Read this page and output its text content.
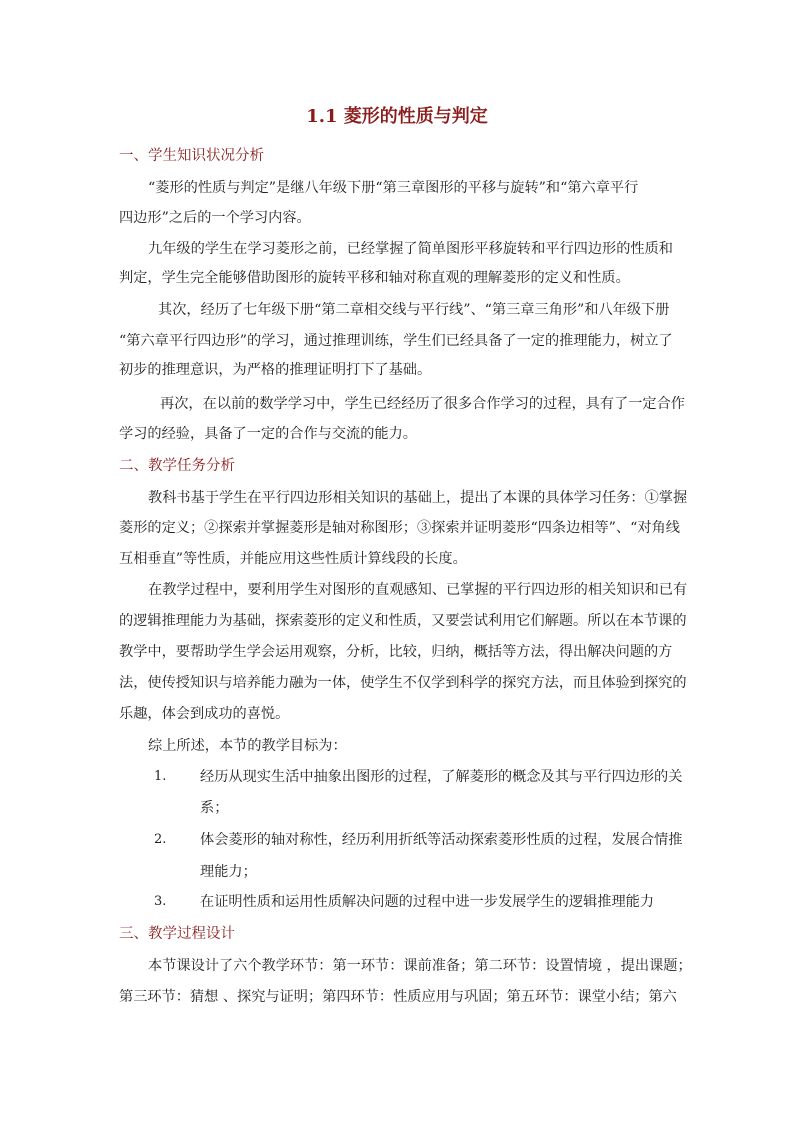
1.1 菱形的性质与判定
一、学生知识状况分析
“菱形的性质与判定”是继八年级下册“第三章图形的平移与旋转”和“第六章平行
四边形”之后的一个学习内容。
九年级的学生在学习菱形之前，已经掌握了简单图形平移旋转和平行四边形的性质和
判定，学生完全能够借助图形的旋转平移和轴对称直观的理解菱形的定义和性质。
其次，经历了七年级下册“第二章相交线与平行线”、“第三章三角形”和八年级下册
“第六章平行四边形”的学习，通过推理训练，学生们已经具备了一定的推理能力，树立了
初步的推理意识，为严格的推理证明打下了基础。
再次，在以前的数学学习中，学生已经经历了很多合作学习的过程，具有了一定合作
学习的经验，具备了一定的合作与交流的能力。
二、教学任务分析
教科书基于学生在平行四边形相关知识的基础上，提出了本课的具体学习任务：①掌握
菱形的定义；②探索并掌握菱形是轴对称图形；③探索并证明菱形“四条边相等”、“对角线
互相垂直”等性质，并能应用这些性质计算线段的长度。
在教学过程中，要利用学生对图形的直观感知、已掌握的平行四边形的相关知识和已有
的逻辑推理能力为基础，探索菱形的定义和性质，又要尝试利用它们解题。所以在本节课的
教学中，要帮助学生学会运用观察，分析，比较，归纳，概括等方法，得出解决问题的方
法，使传授知识与培养能力融为一体，使学生不仅学到科学的探究方法，而且体验到探究的
乐趣，体会到成功的喜悦。
综上所述，本节的教学目标为：
1. 经历从现实生活中抽象出图形的过程，了解菱形的概念及其与平行四边形的关
系；
2. 体会菱形的轴对称性，经历利用折纸等活动探索菱形性质的过程，发展合情推
理能力；
3. 在证明性质和运用性质解决问题的过程中进一步发展学生的逻辑推理能力
三、教学过程设计
本节课设计了六个教学环节：第一环节：课前准备；第二环节：设置情境 ，提出课题；
第三环节：猜想 、探究与证明；第四环节：性质应用与巩固；第五环节：课堂小结；第六
